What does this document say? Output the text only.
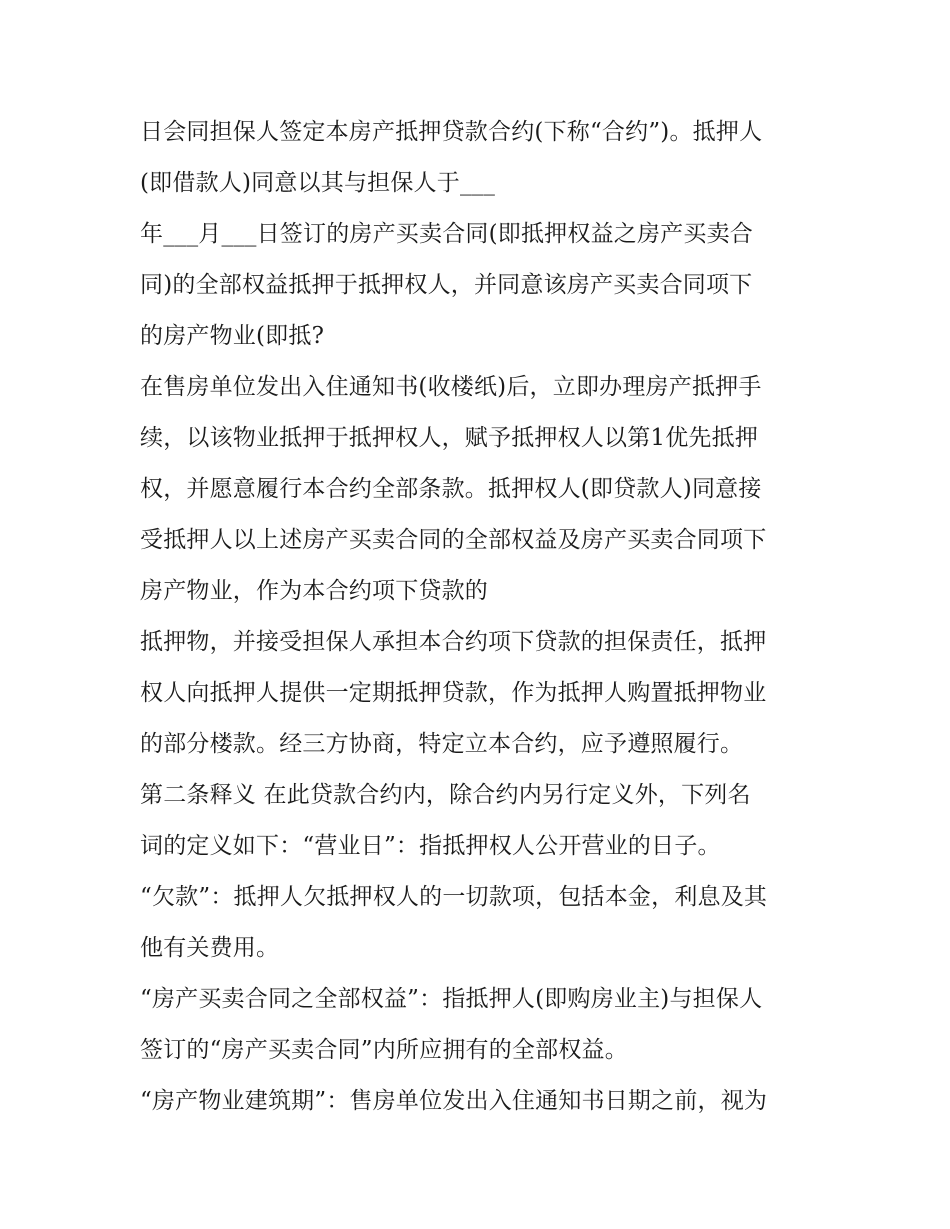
日会同担保人签定本房产抵押贷款合约(下称“合约”)。抵押人
(即借款人)同意以其与担保人于___
年___月___日签订的房产买卖合同(即抵押权益之房产买卖合
同)的全部权益抵押于抵押权人，并同意该房产买卖合同项下
的房产物业(即抵?
在售房单位发出入住通知书(收楼纸)后，立即办理房产抵押手
续，以该物业抵押于抵押权人，赋予抵押权人以第1优先抵押
权，并愿意履行本合约全部条款。抵押权人(即贷款人)同意接
受抵押人以上述房产买卖合同的全部权益及房产买卖合同项下
房产物业，作为本合约项下贷款的
抵押物，并接受担保人承担本合约项下贷款的担保责任，抵押
权人向抵押人提供一定期抵押贷款，作为抵押人购置抵押物业
的部分楼款。经三方协商，特定立本合约，应予遵照履行。
第二条释义 在此贷款合约内，除合约内另行定义外，下列名
词的定义如下：“营业日”：指抵押权人公开营业的日子。
“欠款”：抵押人欠抵押权人的一切款项，包括本金，利息及其
他有关费用。
“房产买卖合同之全部权益”：指抵押人(即购房业主)与担保人
签订的“房产买卖合同”内所应拥有的全部权益。
“房产物业建筑期”：售房单位发出入住通知书日期之前，视为
